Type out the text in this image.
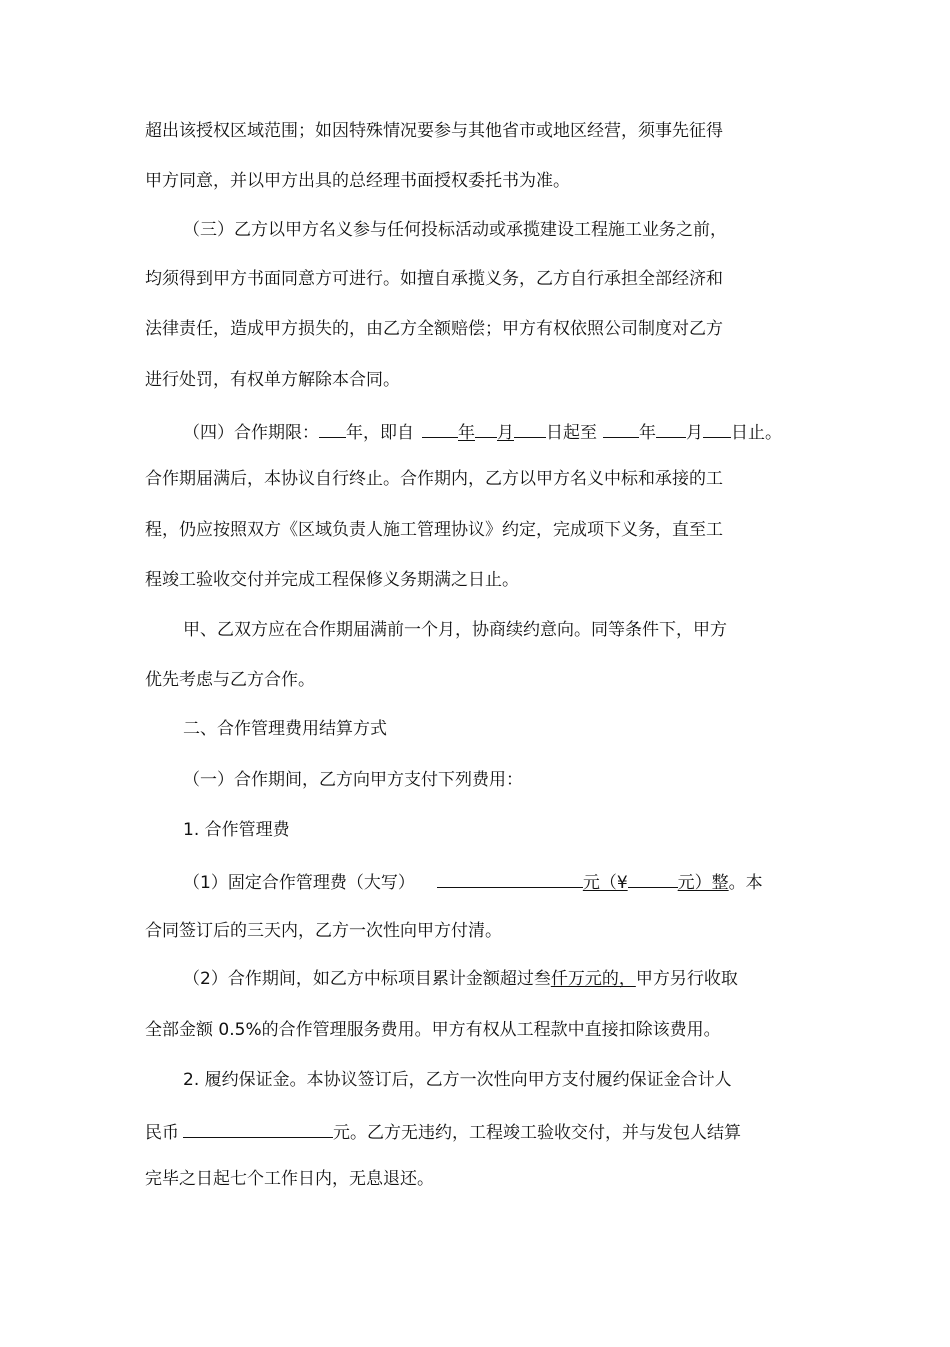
超出该授权区域范围；如因特殊情况要参与其他省市或地区经营，须事先征得
甲方同意，并以甲方出具的总经理书面授权委托书为准。
（三）乙方以甲方名义参与任何投标活动或承揽建设工程施工业务之前，
均须得到甲方书面同意方可进行。如擅自承揽义务，乙方自行承担全部经济和
法律责任，造成甲方损失的，由乙方全额赔偿；甲方有权依照公司制度对乙方
进行处罚，有权单方解除本合同。
（四）合作期限： 年，即自	年 月 日起至 年 月 日止。
合作期届满后，本协议自行终止。合作期内，乙方以甲方名义中标和承接的工
程，仍应按照双方《区域负责人施工管理协议》约定，完成项下义务，直至工
程竣工验收交付并完成工程保修义务期满之日止。
甲、乙双方应在合作期届满前一个月，协商续约意向。同等条件下，甲方
优先考虑与乙方合作。
二、合作管理费用结算方式
（一）合作期间，乙方向甲方支付下列费用：
1. 合作管理费
（1）固定合作管理费（大写）	元（¥	元）整。本
合同签订后的三天内，乙方一次性向甲方付清。
（2）合作期间，如乙方中标项目累计金额超过叁仟万元的，甲方另行收取
全部金额 0.5%的合作管理服务费用。甲方有权从工程款中直接扣除该费用。
2. 履约保证金。本协议签订后，乙方一次性向甲方支付履约保证金合计人
民币	元。乙方无违约，工程竣工验收交付，并与发包人结算
完毕之日起七个工作日内，无息退还。
